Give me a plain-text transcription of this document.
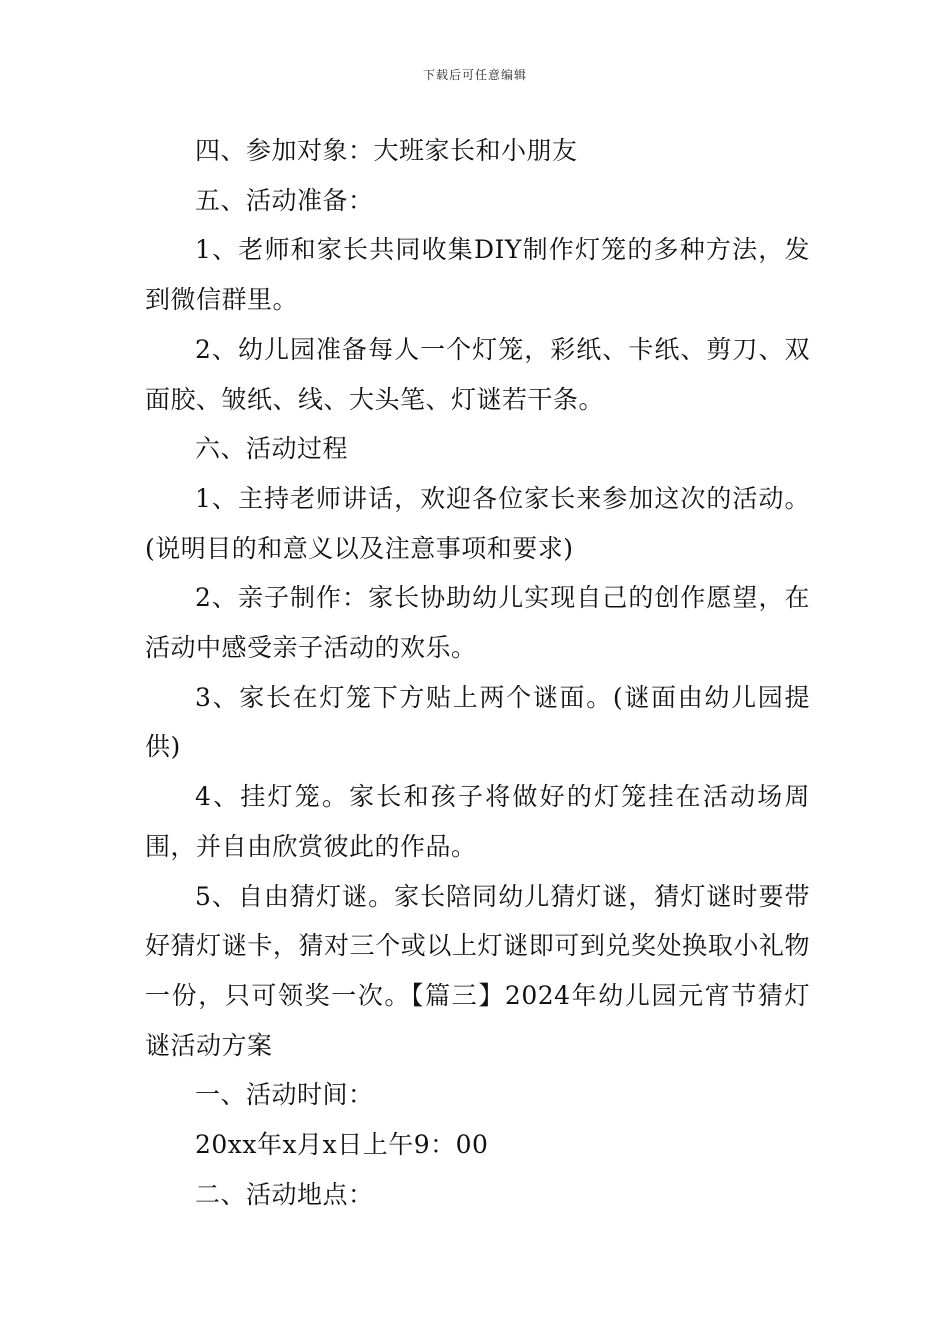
下载后可任意编辑

四、参加对象：大班家长和小朋友

五、活动准备：

1、老师和家长共同收集DIY制作灯笼的多种方法，发到微信群里。

2、幼儿园准备每人一个灯笼，彩纸、卡纸、剪刀、双面胶、皱纸、线、大头笔、灯谜若干条。

六、活动过程

1、主持老师讲话，欢迎各位家长来参加这次的活动。(说明目的和意义以及注意事项和要求)

2、亲子制作：家长协助幼儿实现自己的创作愿望，在活动中感受亲子活动的欢乐。

3、家长在灯笼下方贴上两个谜面。(谜面由幼儿园提供)

4、挂灯笼。家长和孩子将做好的灯笼挂在活动场周围，并自由欣赏彼此的作品。

5、自由猜灯谜。家长陪同幼儿猜灯谜，猜灯谜时要带好猜灯谜卡，猜对三个或以上灯谜即可到兑奖处换取小礼物一份，只可领奖一次。【篇三】2024年幼儿园元宵节猜灯谜活动方案

一、活动时间：

20xx年x月x日上午9：00

二、活动地点：
